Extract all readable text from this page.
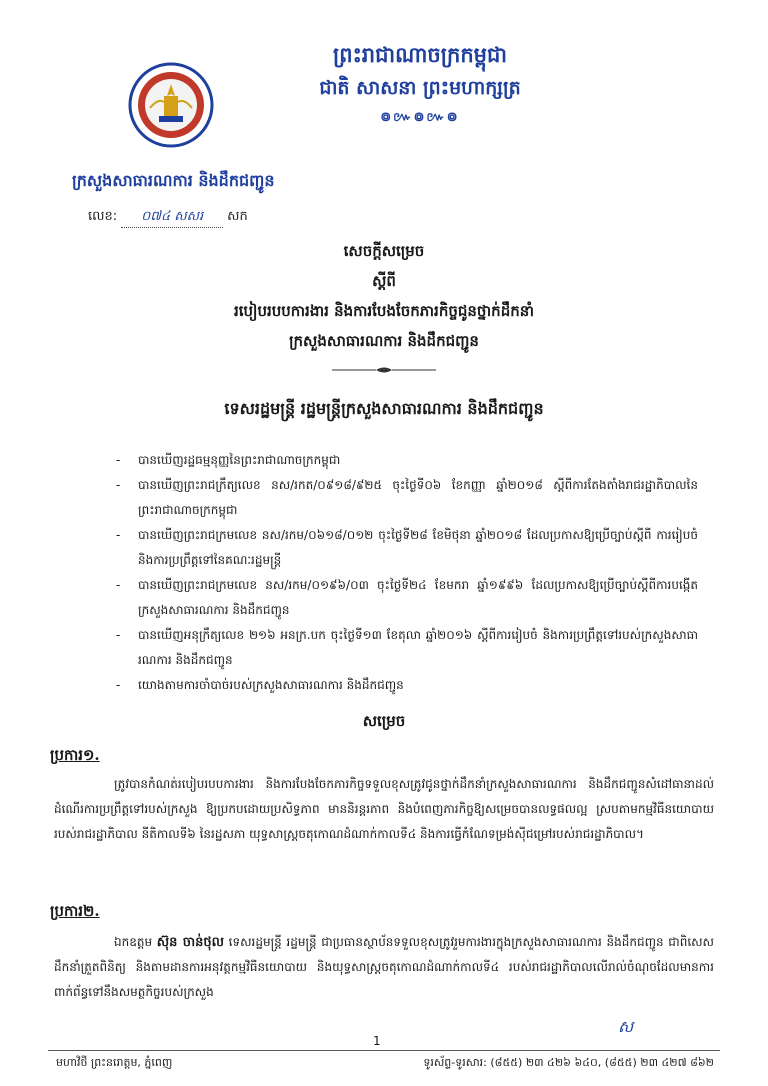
ព្រះរាជាណាចក្រកម្ពុជា
ជាតិ សាសនា ព្រះមហាក្សត្រ
៙៚៙៚៙
ក្រសួងសាធារណការ និងដឹកជញ្ជូន
លេខ:	០៧៤ សសរ	សក
សេចក្ដីសម្រេច
ស្ដីពី
របៀបរបបការងារ និងការបែងចែកភារកិច្ចជូនថ្នាក់ដឹកនាំ
ក្រសួងសាធារណការ និងដឹកជញ្ជូន
ទេសរដ្ឋមន្ត្រី រដ្ឋមន្ត្រីក្រសួងសាធារណការ និងដឹកជញ្ជូន
- បានឃើញរដ្ឋធម្មនុញ្ញនៃព្រះរាជាណាចក្រកម្ពុជា
- បានឃើញព្រះរាជក្រឹត្យលេខ នស/រកត/០៩១៨/៩២៥ ចុះថ្ងៃទី០៦ ខែកញ្ញា ឆ្នាំ២០១៨ ស្ដីពីការតែងតាំងរាជរដ្ឋាភិបាលនៃព្រះរាជាណាចក្រកម្ពុជា
- បានឃើញព្រះរាជក្រមលេខ នស/រកម/០៦១៨/០១២ ចុះថ្ងៃទី២៨ ខែមិថុនា ឆ្នាំ២០១៨ ដែលប្រកាសឱ្យប្រើច្បាប់ស្ដីពី ការរៀបចំ និងការប្រព្រឹត្តទៅនៃគណៈរដ្ឋមន្ត្រី
- បានឃើញព្រះរាជក្រមលេខ នស/រកម/០១៩៦/០៣ ចុះថ្ងៃទី២៤ ខែមករា ឆ្នាំ១៩៩៦ ដែលប្រកាសឱ្យប្រើច្បាប់ស្ដីពីការបង្កើតក្រសួងសាធារណការ និងដឹកជញ្ជូន
- បានឃើញអនុក្រឹត្យលេខ ២១៦ អនក្រ.បក ចុះថ្ងៃទី១៣ ខែតុលា ឆ្នាំ២០១៦ ស្ដីពីការរៀបចំ និងការប្រព្រឹត្តទៅរបស់ក្រសួងសាធារណការ និងដឹកជញ្ជូន
- យោងតាមការចាំបាច់របស់ក្រសួងសាធារណការ និងដឹកជញ្ជូន
សម្រេច
ប្រការ១.
ត្រូវបានកំណត់របៀបរបបការងារ និងការបែងចែកភារកិច្ចទទួលខុសត្រូវជូនថ្នាក់ដឹកនាំក្រសួងសាធារណការ និងដឹកជញ្ជូនសំដៅធានាដល់ដំណើរការប្រព្រឹត្តទៅរបស់ក្រសួង ឱ្យប្រកបដោយប្រសិទ្ធភាព មាននិរន្តរភាព និងបំពេញភារកិច្ចឱ្យសម្រេចបានលទ្ធផលល្អ ស្របតាមកម្មវិធីនយោបាយរបស់រាជរដ្ឋាភិបាល នីតិកាលទី៦ នៃរដ្ឋសភា យុទ្ធសាស្ត្រចតុកោណដំណាក់កាលទី៤ និងការធ្វើកំណែទម្រង់ស៊ីជម្រៅរបស់រាជរដ្ឋាភិបាល។
ប្រការ២.
ឯកឧត្តម ស៊ុន ចាន់ថុល ទេសរដ្ឋមន្ត្រី រដ្ឋមន្ត្រី ជាប្រធានស្ថាប័នទទួលខុសត្រូវរួមការងារក្នុងក្រសួងសាធារណការ និងដឹកជញ្ជូន ជាពិសេសដឹកនាំត្រួតពិនិត្យ និងតាមដានការអនុវត្តកម្មវិធីនយោបាយ និងយុទ្ធសាស្ត្រចតុកោណដំណាក់កាលទី៤ របស់រាជរដ្ឋាភិបាលលើរាល់ចំណុចដែលមានការពាក់ព័ន្ធទៅនឹងសមត្ថកិច្ចរបស់ក្រសួង
ស
1
មហាវិថី ព្រះនរោត្តម, ភ្នំពេញ	ទូរស័ព្ទ-ទូរសារ: (៨៥៥) ២៣ ៤២៦ ៦៤០, (៨៥៥) ២៣ ៤២៧ ៨៦២
